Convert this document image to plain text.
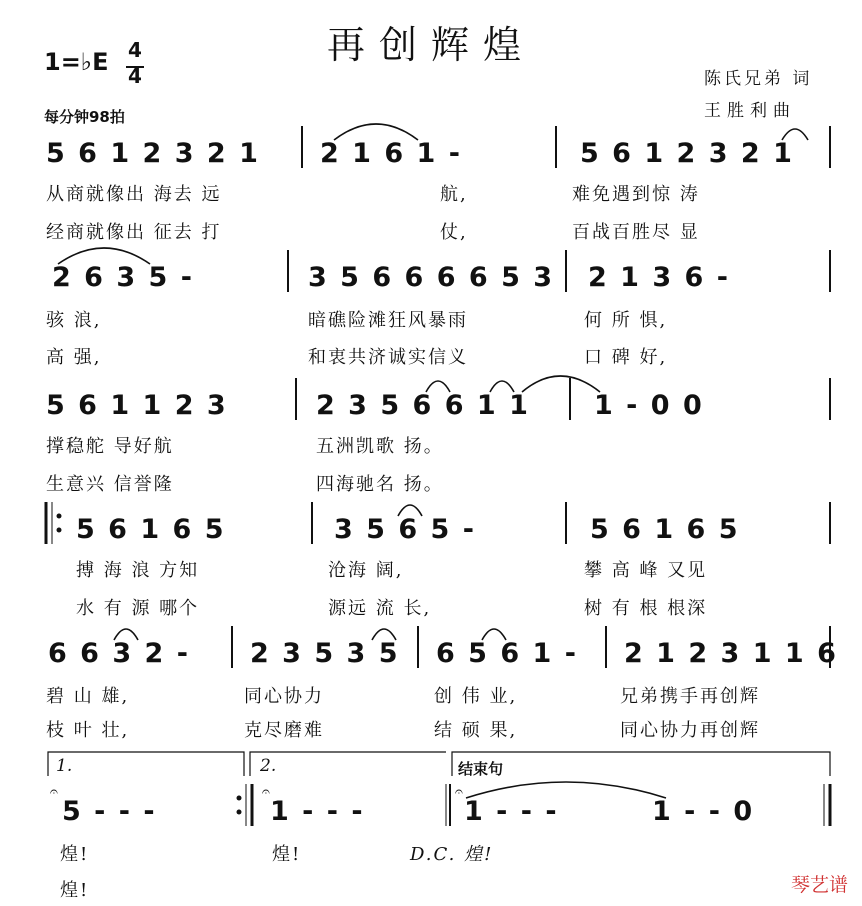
再创辉煌
1=♭E 4
4
每分钟98拍
陈氏兄弟 词
王胜利曲
5 6 1 2 3 2 1 2 1 6 1 -	5 6 1 2 3 2 1
从商就像出 海去 远	航,	难免遇到惊 涛
经商就像出 征去 打	仗,	百战百胜尽 显
2 6 3 5 -	3 5 6 6 6 6 5 3 2 1 3 6 -
骇 浪,	暗礁险滩狂风暴雨	何 所 惧,
高 强,	和衷共济诚实信义	口 碑 好,
5 6 1 1 2 3	2 3 5 6 6 1 1 1 - 0 0
撑稳舵 导好航	五洲凯歌 扬。
生意兴 信誉隆	四海驰名 扬。
5 6 1 6 5	3 5 6 5 -	5 6 1 6 5
搏 海 浪 方知	沧海 阔,	攀 高 峰 又见
水 有 源 哪个	源远 流 长,	树 有 根 根深
6 6 3 2 - 2 3 5 3 5 6 5 6 1 - 2 1 2 3 1 1 6
碧 山 雄,	同心协力	创 伟 业,	兄弟携手再创辉
枝 叶 壮,	克尽磨难	结 硕 果,	同心协力再创辉
1.	2.	结束句
𝄐	𝄐	𝄐
5 - - -	1 - - -	1 - - -	1 - - 0
煌!	煌!	D.C. 煌!
煌!	琴艺谱
